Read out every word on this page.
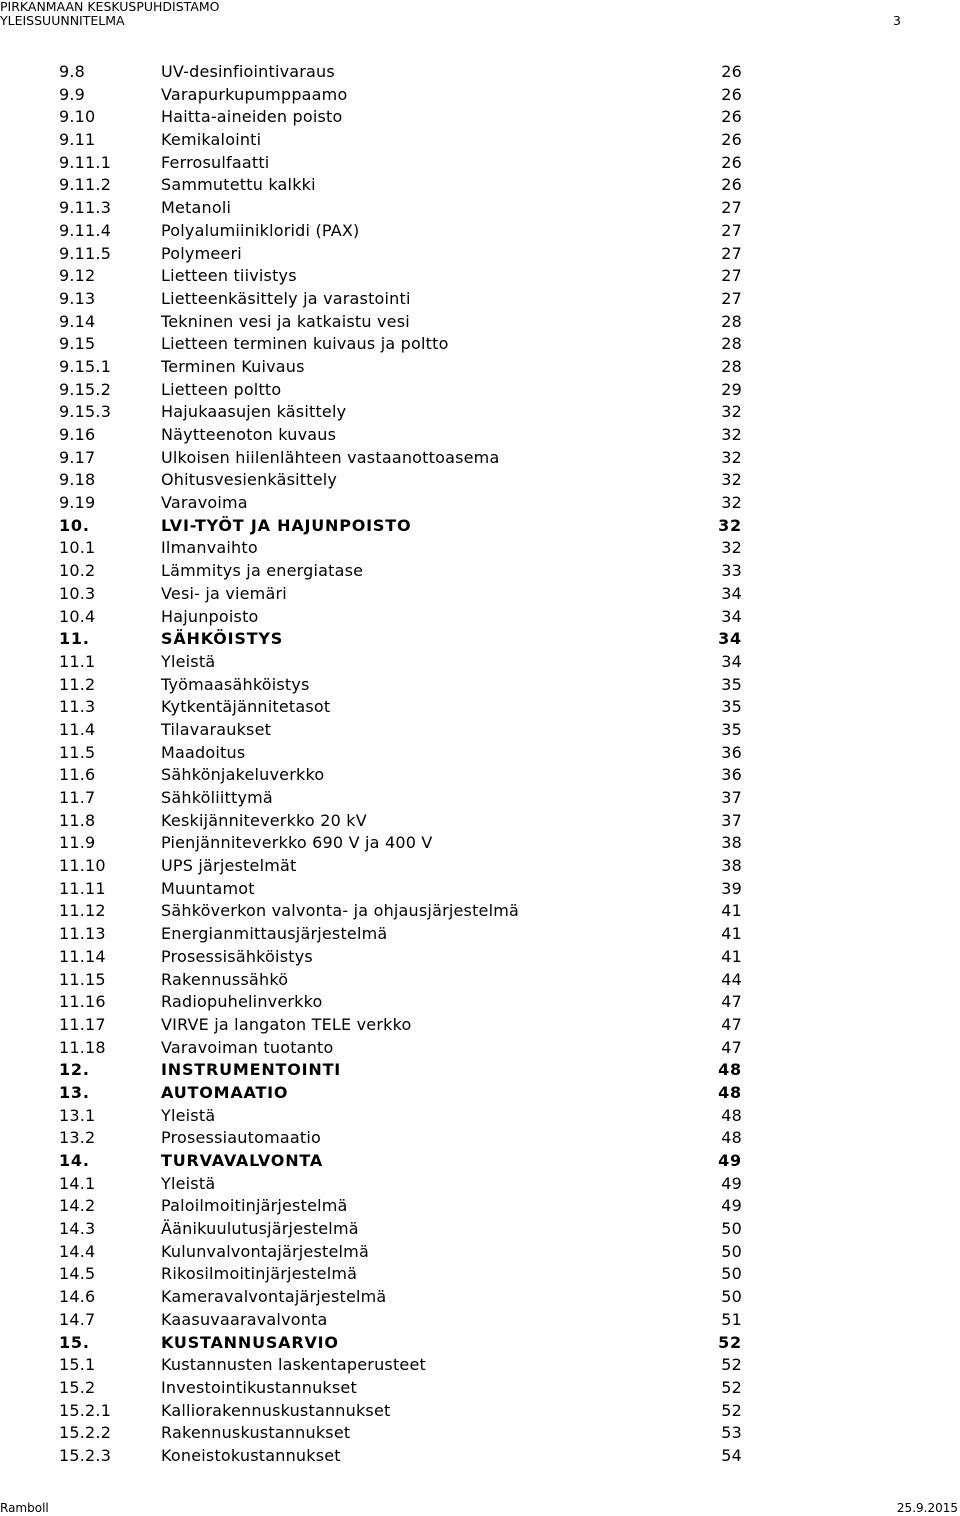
PIRKANMAAN KESKUSPUHDISTAMO
YLEISSUUNNITELMA	3
9.8	UV-desinfiointivaraus	26
9.9	Varapurkupumppaamo	26
9.10	Haitta-aineiden poisto	26
9.11	Kemikalointi	26
9.11.1	Ferrosulfaatti	26
9.11.2	Sammutettu kalkki	26
9.11.3	Metanoli	27
9.11.4	Polyalumiinikloridi (PAX)	27
9.11.5	Polymeeri	27
9.12	Lietteen tiivistys	27
9.13	Lietteenkäsittely ja varastointi	27
9.14	Tekninen vesi ja katkaistu vesi	28
9.15	Lietteen terminen kuivaus ja poltto	28
9.15.1	Terminen Kuivaus	28
9.15.2	Lietteen poltto	29
9.15.3	Hajukaasujen käsittely	32
9.16	Näytteenoton kuvaus	32
9.17	Ulkoisen hiilenlähteen vastaanottoasema	32
9.18	Ohitusvesienkäsittely	32
9.19	Varavoima	32
10.	LVI-TYÖT JA HAJUNPOISTO	32
10.1	Ilmanvaihto	32
10.2	Lämmitys ja energiatase	33
10.3	Vesi- ja viemäri	34
10.4	Hajunpoisto	34
11.	SÄHKÖISTYS	34
11.1	Yleistä	34
11.2	Työmaasähköistys	35
11.3	Kytkentäjännitetasot	35
11.4	Tilavaraukset	35
11.5	Maadoitus	36
11.6	Sähkönjakeluverkko	36
11.7	Sähköliittymä	37
11.8	Keskijänniteverkko 20 kV	37
11.9	Pienjänniteverkko 690 V ja 400 V	38
11.10	UPS järjestelmät	38
11.11	Muuntamot	39
11.12	Sähköverkon valvonta- ja ohjausjärjestelmä	41
11.13	Energianmittausjärjestelmä	41
11.14	Prosessisähköistys	41
11.15	Rakennussähkö	44
11.16	Radiopuhelinverkko	47
11.17	VIRVE ja langaton TELE verkko	47
11.18	Varavoiman tuotanto	47
12.	INSTRUMENTOINTI	48
13.	AUTOMAATIO	48
13.1	Yleistä	48
13.2	Prosessiautomaatio	48
14.	TURVAVALVONTA	49
14.1	Yleistä	49
14.2	Paloilmoitinjärjestelmä	49
14.3	Äänikuulutusjärjestelmä	50
14.4	Kulunvalvontajärjestelmä	50
14.5	Rikosilmoitinjärjestelmä	50
14.6	Kameravalvontajärjestelmä	50
14.7	Kaasuvaaravalvonta	51
15.	KUSTANNUSARVIO	52
15.1	Kustannusten laskentaperusteet	52
15.2	Investointikustannukset	52
15.2.1	Kalliorakennuskustannukset	52
15.2.2	Rakennuskustannukset	53
15.2.3	Koneistokustannukset	54
Ramboll	25.9.2015
